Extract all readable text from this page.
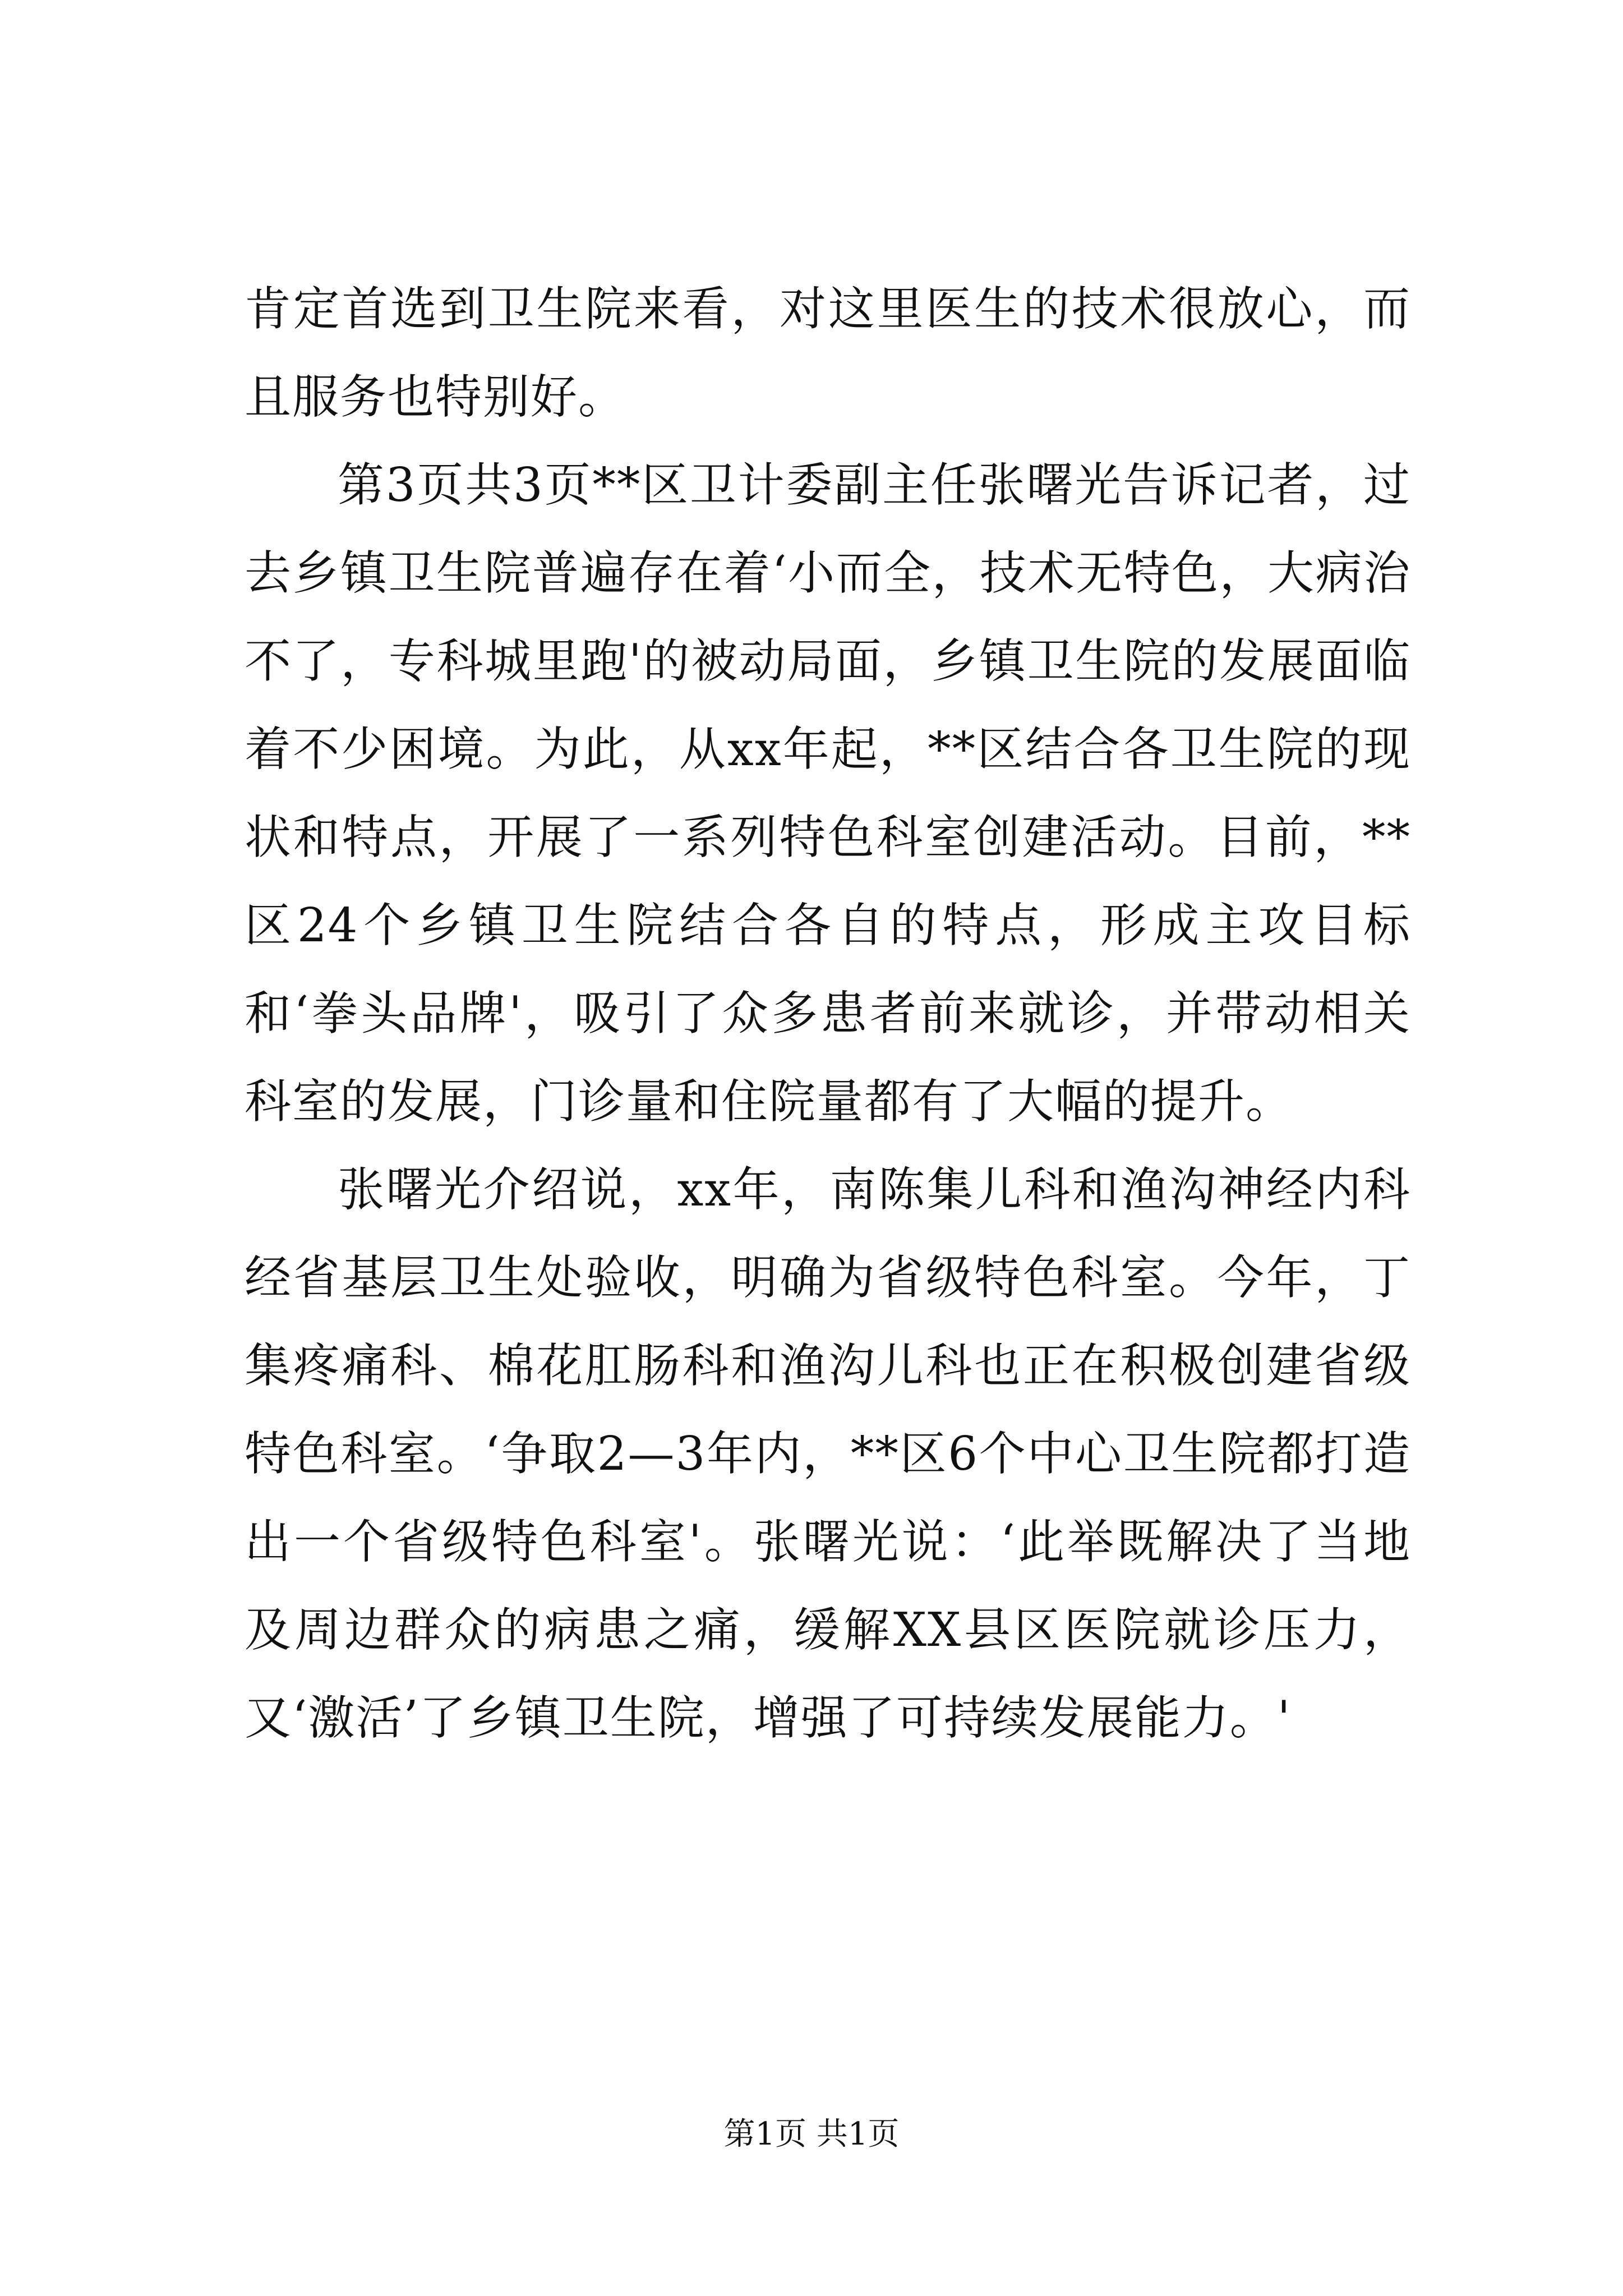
肯定首选到卫生院来看，对这里医生的技术很放心，而且服务也特别好。

第3页共3页**区卫计委副主任张曙光告诉记者，过去乡镇卫生院普遍存在着‘小而全，技术无特色，大病治不了，专科城里跑'的被动局面，乡镇卫生院的发展面临着不少困境。为此，从xx年起，**区结合各卫生院的现状和特点，开展了一系列特色科室创建活动。目前，**区24个乡镇卫生院结合各自的特点，形成主攻目标和‘拳头品牌'，吸引了众多患者前来就诊，并带动相关科室的发展，门诊量和住院量都有了大幅的提升。

张曙光介绍说，xx年，南陈集儿科和渔沟神经内科经省基层卫生处验收，明确为省级特色科室。今年，丁集疼痛科、棉花肛肠科和渔沟儿科也正在积极创建省级特色科室。‘争取2—3年内，**区6个中心卫生院都打造出一个省级特色科室'。张曙光说：‘此举既解决了当地及周边群众的病患之痛，缓解XX县区医院就诊压力，又‘激活’了乡镇卫生院，增强了可持续发展能力。'

第1页 共1页
